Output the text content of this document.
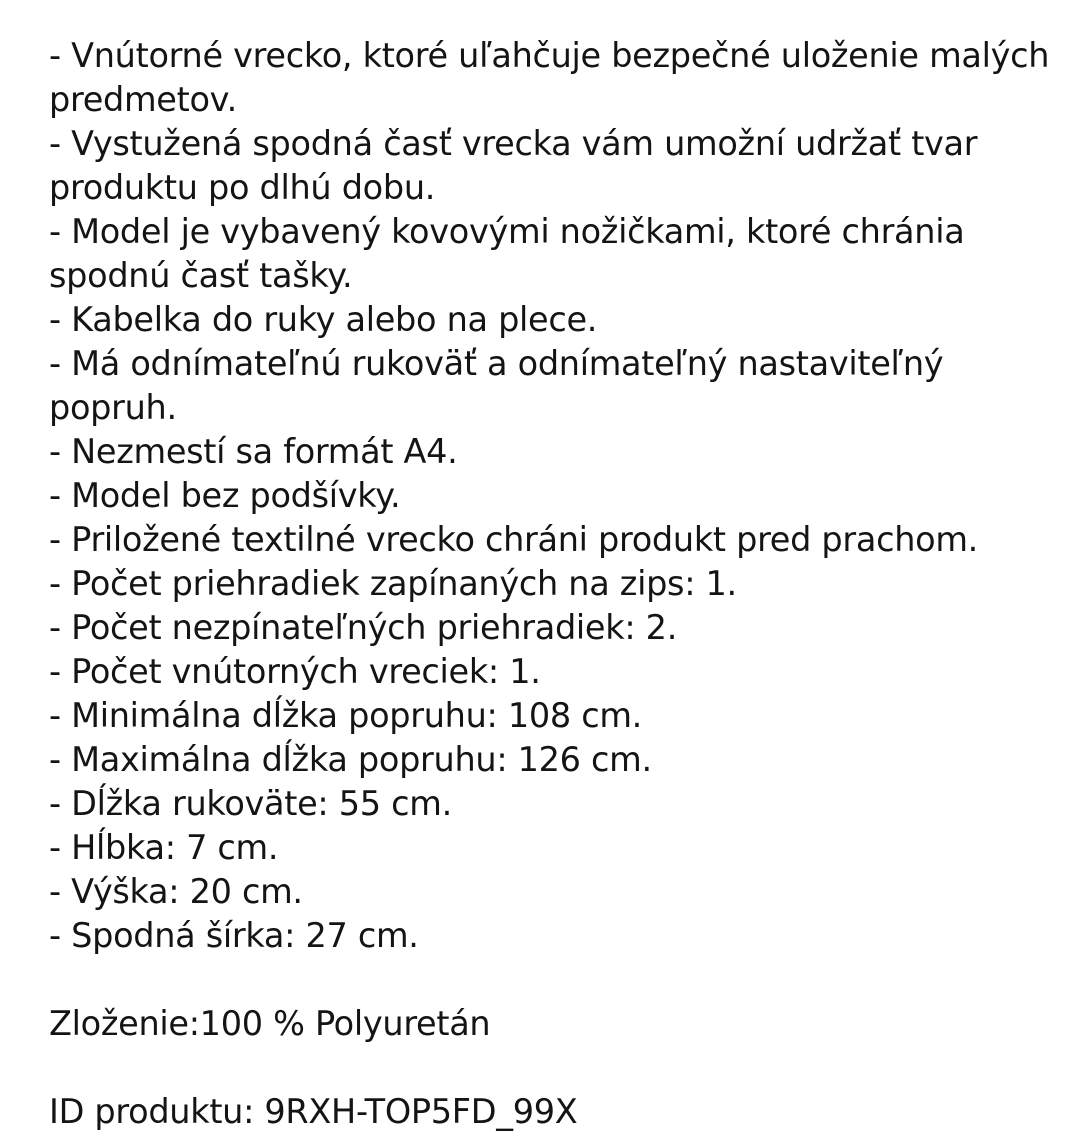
- Vnútorné vrecko, ktoré uľahčuje bezpečné uloženie malých predmetov.
- Vystužená spodná časť vrecka vám umožní udržať tvar produktu po dlhú dobu.
- Model je vybavený kovovými nožičkami, ktoré chránia spodnú časť tašky.
- Kabelka do ruky alebo na plece.
- Má odnímateľnú rukoväť a odnímateľný nastaviteľný popruh.
- Nezmestí sa formát A4.
- Model bez podšívky.
- Priložené textilné vrecko chráni produkt pred prachom.
- Počet priehradiek zapínaných na zips: 1.
- Počet nezpínateľných priehradiek: 2.
- Počet vnútorných vreciek: 1.
- Minimálna dĺžka popruhu: 108 cm.
- Maximálna dĺžka popruhu: 126 cm.
- Dĺžka rukoväte: 55 cm.
- Hĺbka: 7 cm.
- Výška: 20 cm.
- Spodná šírka: 27 cm.
Zloženie:100 % Polyuretán
ID produktu: 9RXH-TOP5FD_99X
